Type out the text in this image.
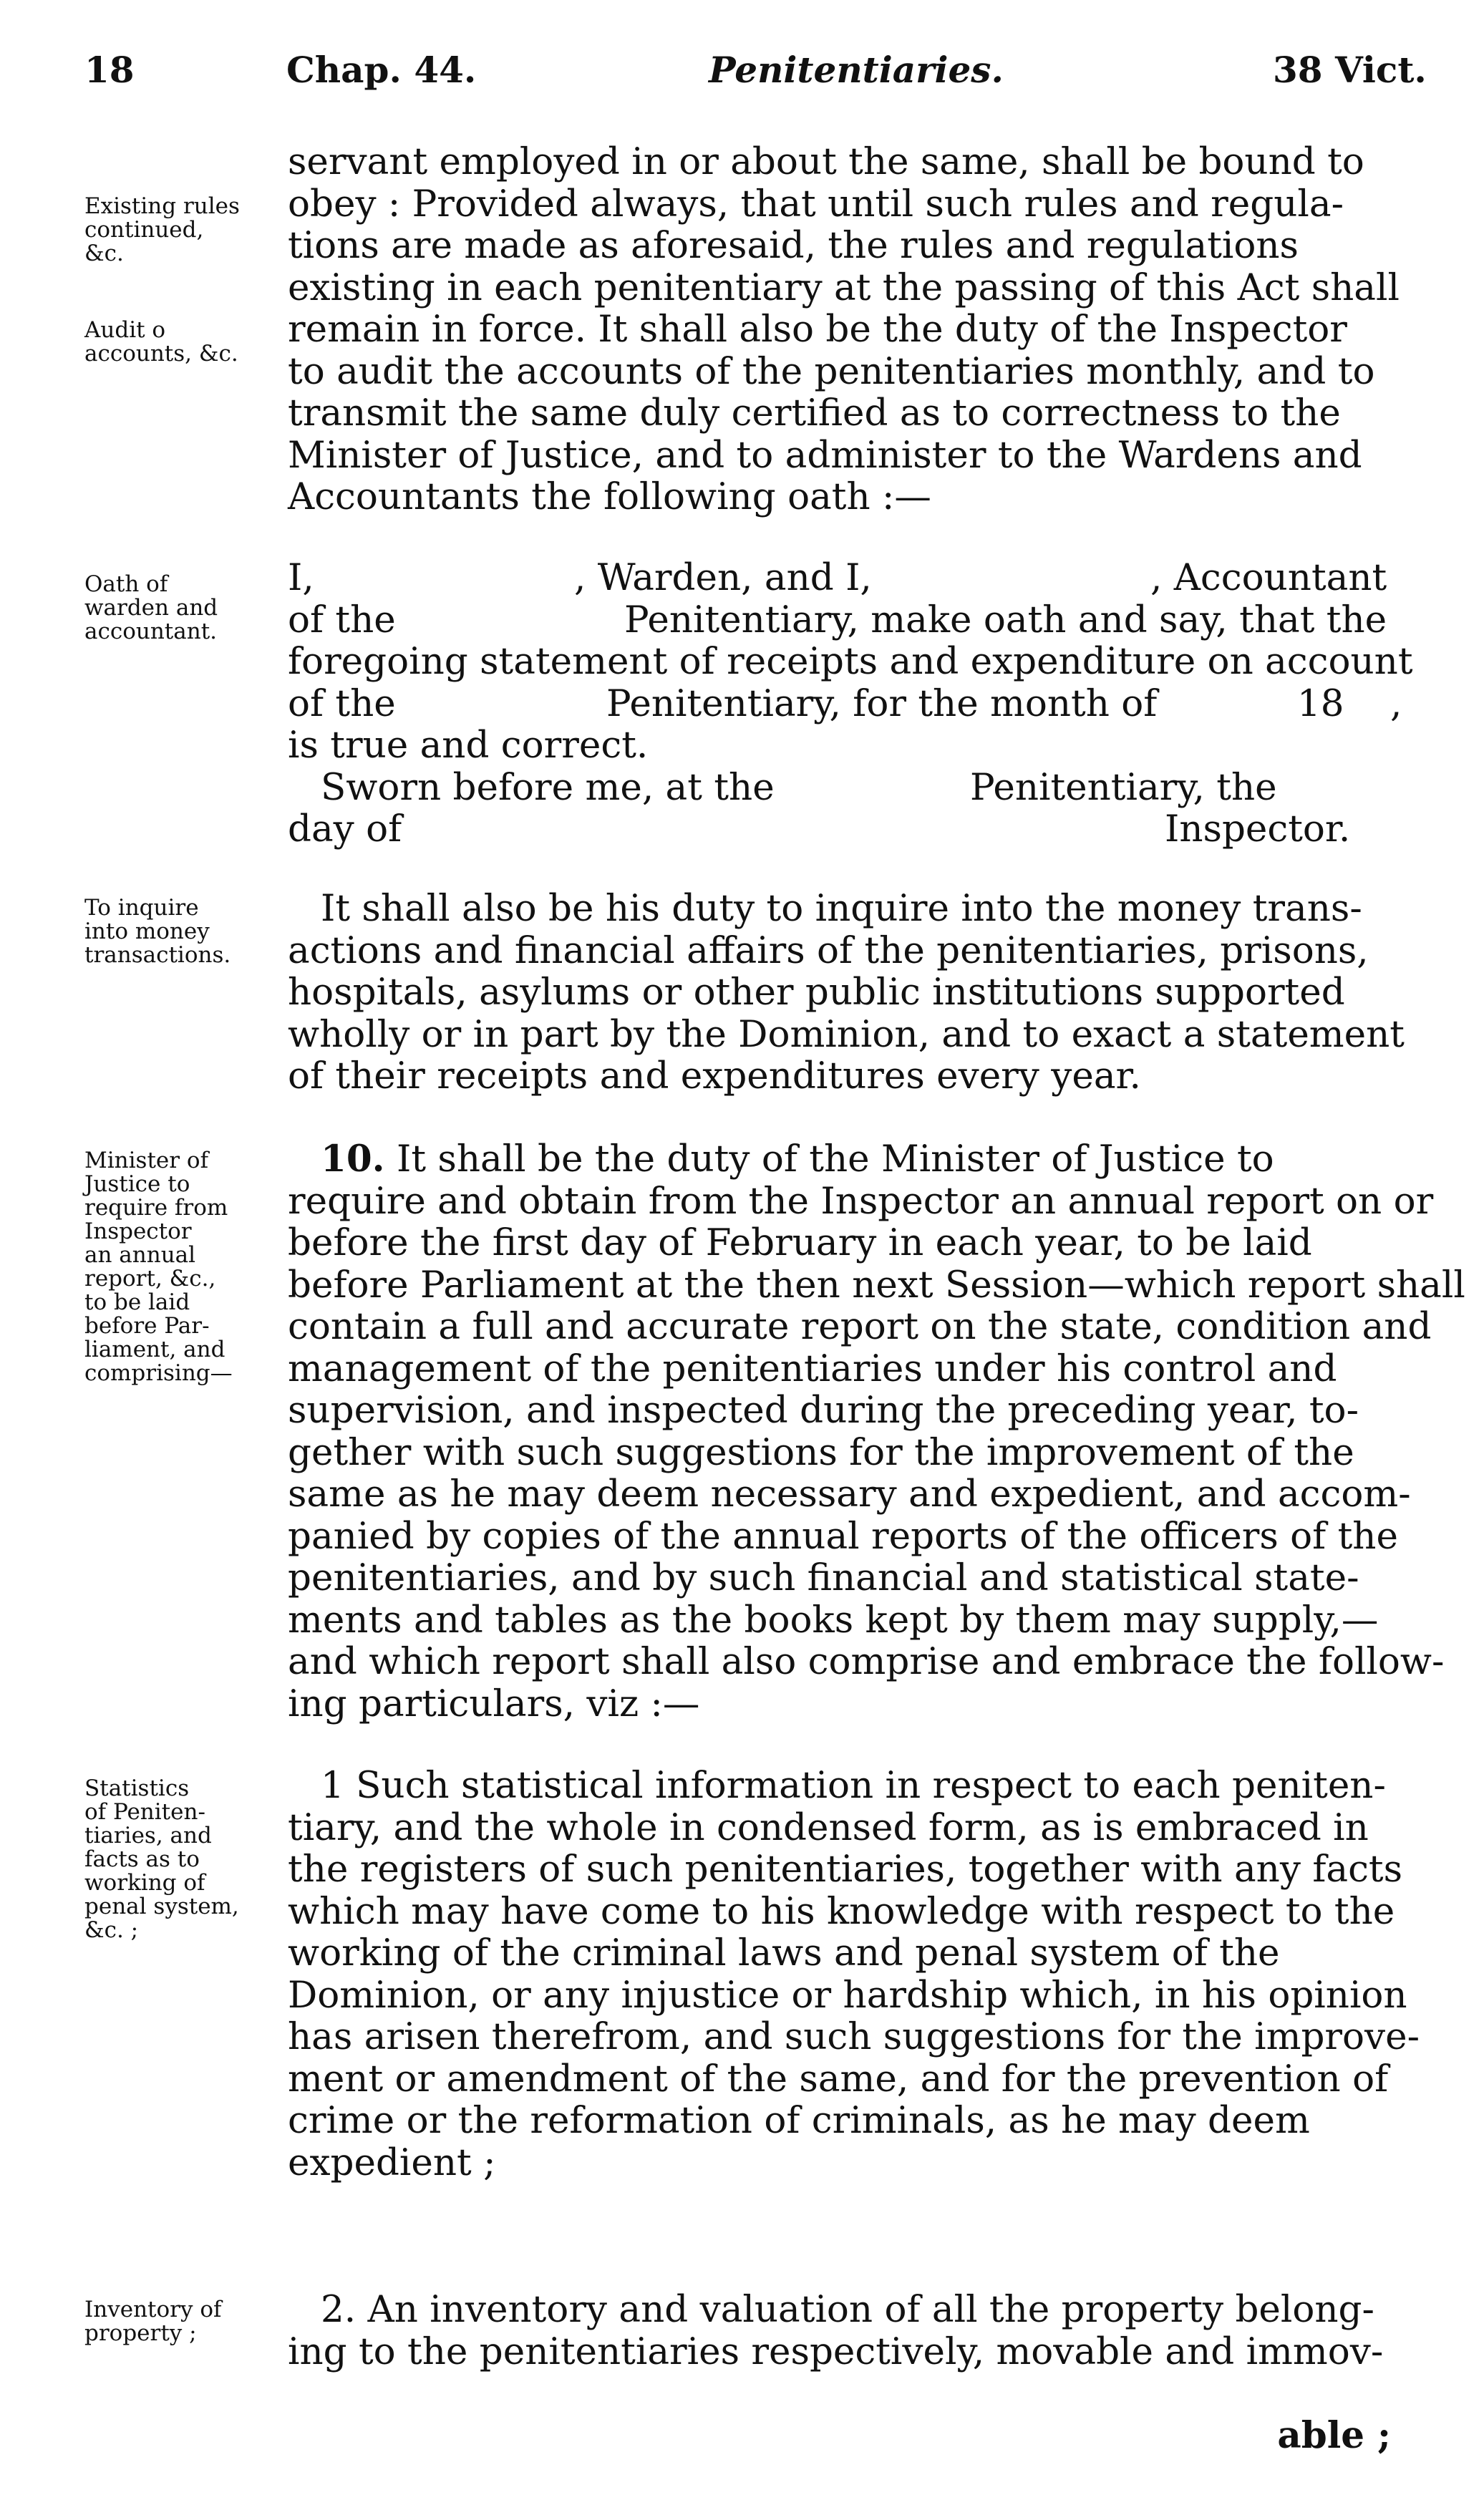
18	Chap. 44.	Penitentiaries.	38 Vict.
Existing rules
continued,
&c.
Audit o
accounts, &c.
servant employed in or about the same, shall be bound to
obey : Provided always, that until such rules and regula-
tions are made as aforesaid, the rules and regulations
existing in each penitentiary at the passing of this Act shall
remain in force. It shall also be the duty of the Inspector
to audit the accounts of the penitentiaries monthly, and to
transmit the same duly certified as to correctness to the
Minister of Justice, and to administer to the Wardens and
Accountants the following oath :—
Oath of
warden and
accountant.
I,	, Warden, and I,	, Accountant
of the	Penitentiary, make oath and say, that the
foregoing statement of receipts and expenditure on account
of the	Penitentiary, for the month of	18 ,
is true and correct.
Sworn before me, at the	Penitentiary, the
day of	Inspector.
To inquire
into money
transactions.
It shall also be his duty to inquire into the money trans-
actions and financial affairs of the penitentiaries, prisons,
hospitals, asylums or other public institutions supported
wholly or in part by the Dominion, and to exact a statement
of their receipts and expenditures every year.
Minister of
Justice to
require from
Inspector
an annual
report, &c.,
to be laid
before Par-
liament, and
comprising—
10. It shall be the duty of the Minister of Justice to
require and obtain from the Inspector an annual report on or
before the first day of February in each year, to be laid
before Parliament at the then next Session—which report shall
contain a full and accurate report on the state, condition and
management of the penitentiaries under his control and
supervision, and inspected during the preceding year, to-
gether with such suggestions for the improvement of the
same as he may deem necessary and expedient, and accom-
panied by copies of the annual reports of the officers of the
penitentiaries, and by such financial and statistical state-
ments and tables as the books kept by them may supply,—
and which report shall also comprise and embrace the follow-
ing particulars, viz :—
Statistics
of Peniten-
tiaries, and
facts as to
working of
penal system,
&c. ;
1 Such statistical information in respect to each peniten-
tiary, and the whole in condensed form, as is embraced in
the registers of such penitentiaries, together with any facts
which may have come to his knowledge with respect to the
working of the criminal laws and penal system of the
Dominion, or any injustice or hardship which, in his opinion
has arisen therefrom, and such suggestions for the improve-
ment or amendment of the same, and for the prevention of
crime or the reformation of criminals, as he may deem
expedient ;
Inventory of
property ;
2. An inventory and valuation of all the property belong-
ing to the penitentiaries respectively, movable and immov-
able ;
